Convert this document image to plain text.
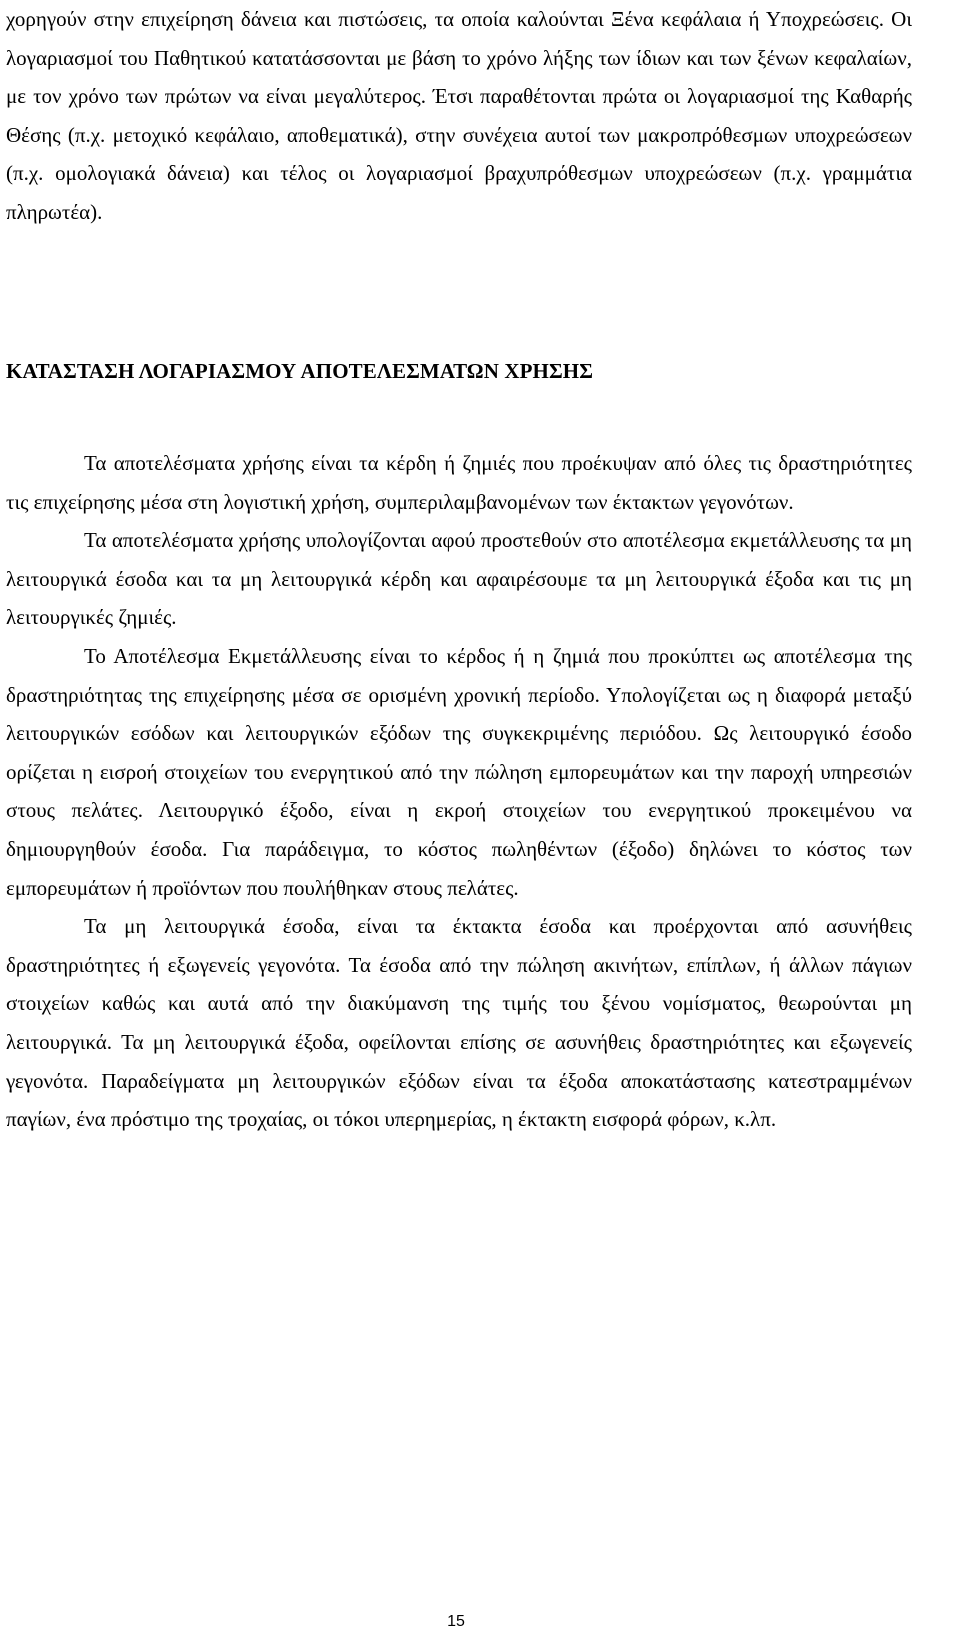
χορηγούν στην επιχείρηση δάνεια και πιστώσεις, τα οποία καλούνται Ξένα κεφάλαια ή Υποχρεώσεις. Οι λογαριασμοί του Παθητικού κατατάσσονται με βάση το χρόνο λήξης των ίδιων και των ξένων κεφαλαίων, με τον χρόνο των πρώτων να είναι μεγαλύτερος. Έτσι παραθέτονται πρώτα οι λογαριασμοί της Καθαρής Θέσης (π.χ. μετοχικό κεφάλαιο, αποθεματικά), στην συνέχεια αυτοί των μακροπρόθεσμων υποχρεώσεων (π.χ. ομολογιακά δάνεια) και τέλος οι λογαριασμοί βραχυπρόθεσμων υποχρεώσεων (π.χ. γραμμάτια πληρωτέα).

ΚΑΤΑΣΤΑΣΗ ΛΟΓΑΡΙΑΣΜΟΥ ΑΠΟΤΕΛΕΣΜΑΤΩΝ ΧΡΗΣΗΣ

Τα αποτελέσματα χρήσης είναι τα κέρδη ή ζημιές που προέκυψαν από όλες τις δραστηριότητες τις επιχείρησης μέσα στη λογιστική χρήση, συμπεριλαμβανομένων των έκτακτων γεγονότων.

Τα αποτελέσματα χρήσης υπολογίζονται αφού προστεθούν στο αποτέλεσμα εκμετάλλευσης τα μη λειτουργικά έσοδα και τα μη λειτουργικά κέρδη και αφαιρέσουμε τα μη λειτουργικά έξοδα και τις μη λειτουργικές ζημιές.

Το Αποτέλεσμα Εκμετάλλευσης είναι το κέρδος ή η ζημιά που προκύπτει ως αποτέλεσμα της δραστηριότητας της επιχείρησης μέσα σε ορισμένη χρονική περίοδο. Υπολογίζεται ως η διαφορά μεταξύ λειτουργικών εσόδων και λειτουργικών εξόδων της συγκεκριμένης περιόδου. Ως λειτουργικό έσοδο ορίζεται η εισροή στοιχείων του ενεργητικού από την πώληση εμπορευμάτων και την παροχή υπηρεσιών στους πελάτες. Λειτουργικό έξοδο, είναι η εκροή στοιχείων του ενεργητικού προκειμένου να δημιουργηθούν έσοδα. Για παράδειγμα, το κόστος πωληθέντων (έξοδο) δηλώνει το κόστος των εμπορευμάτων ή προϊόντων που πουλήθηκαν στους πελάτες.

Τα μη λειτουργικά έσοδα, είναι τα έκτακτα έσοδα και προέρχονται από ασυνήθεις δραστηριότητες ή εξωγενείς γεγονότα. Τα έσοδα από την πώληση ακινήτων, επίπλων, ή άλλων πάγιων στοιχείων καθώς και αυτά από την διακύμανση της τιμής του ξένου νομίσματος, θεωρούνται μη λειτουργικά. Τα μη λειτουργικά έξοδα, οφείλονται επίσης σε ασυνήθεις δραστηριότητες και εξωγενείς γεγονότα. Παραδείγματα μη λειτουργικών εξόδων είναι τα έξοδα αποκατάστασης κατεστραμμένων παγίων, ένα πρόστιμο της τροχαίας, οι τόκοι υπερημερίας, η έκτακτη εισφορά φόρων, κ.λπ.

15
